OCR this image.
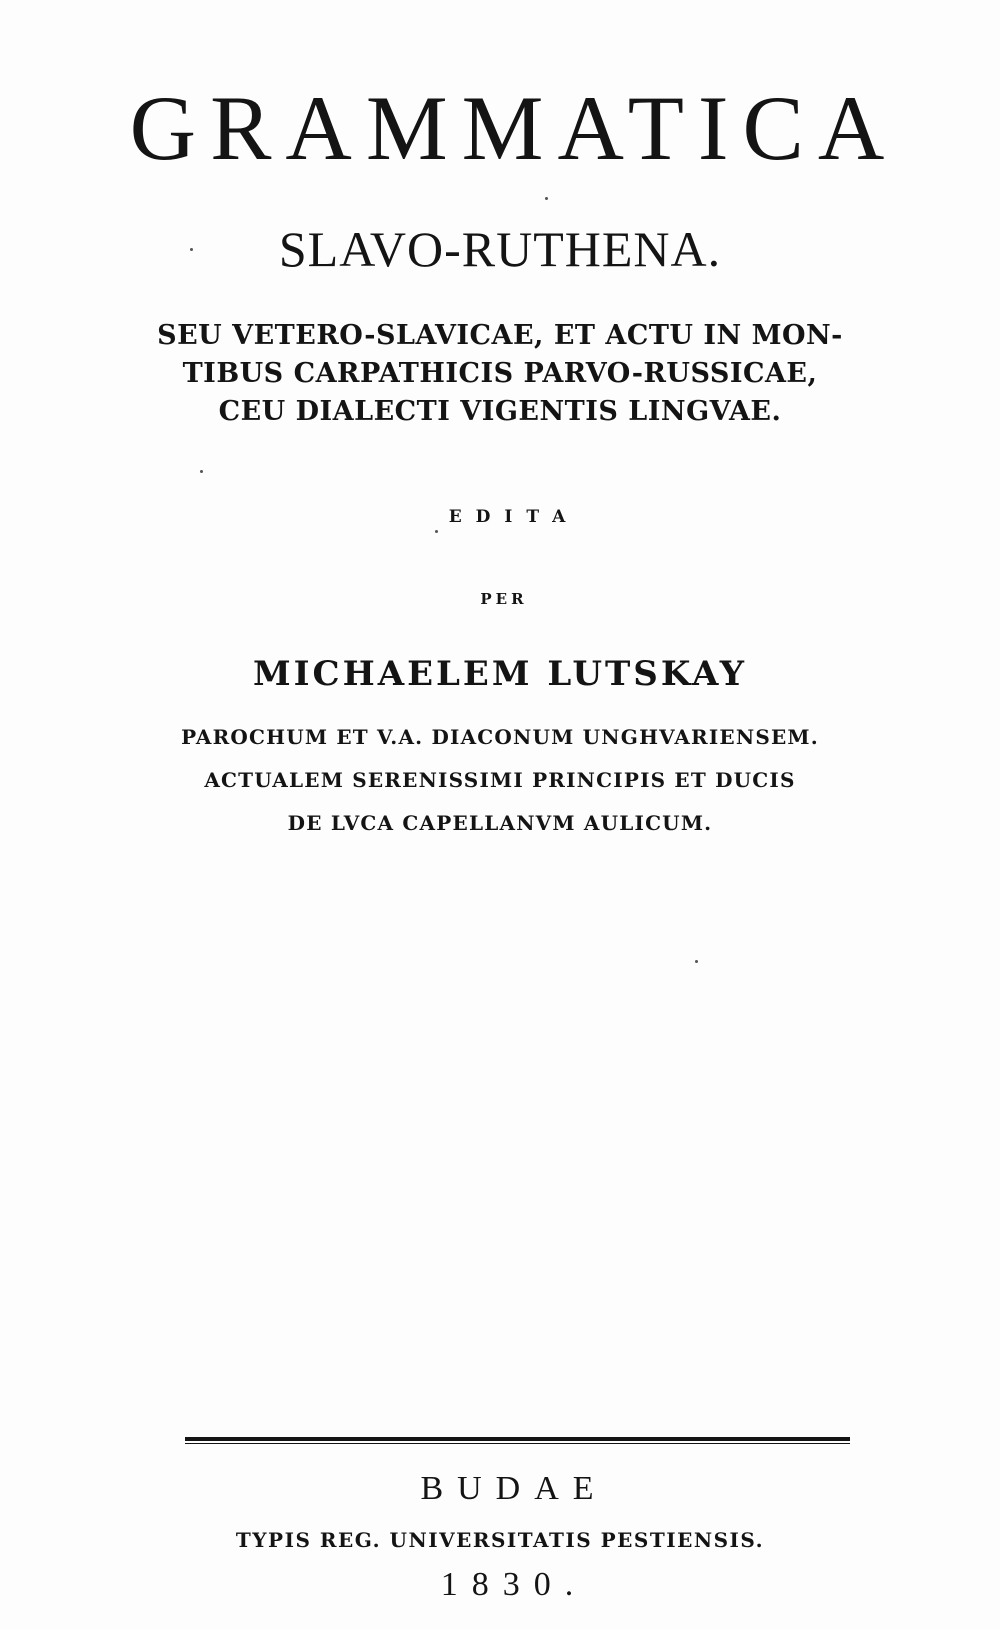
GRAMMATICA
SLAVO-RUTHENA.
SEU VETERO-SLAVICAE, ET ACTU IN MON-
TIBUS CARPATHICIS PARVO-RUSSICAE,
CEU DIALECTI VIGENTIS LINGVAE.
EDITA
PER
MICHAELEM LUTSKAY
PAROCHUM ET V.A. DIACONUM UNGHVARIENSEM.
ACTUALEM SERENISSIMI PRINCIPIS ET DUCIS
DE LVCA CAPELLANVM AULICUM.
BUDAE
TYPIS REG. UNIVERSITATIS PESTIENSIS.
1830.
